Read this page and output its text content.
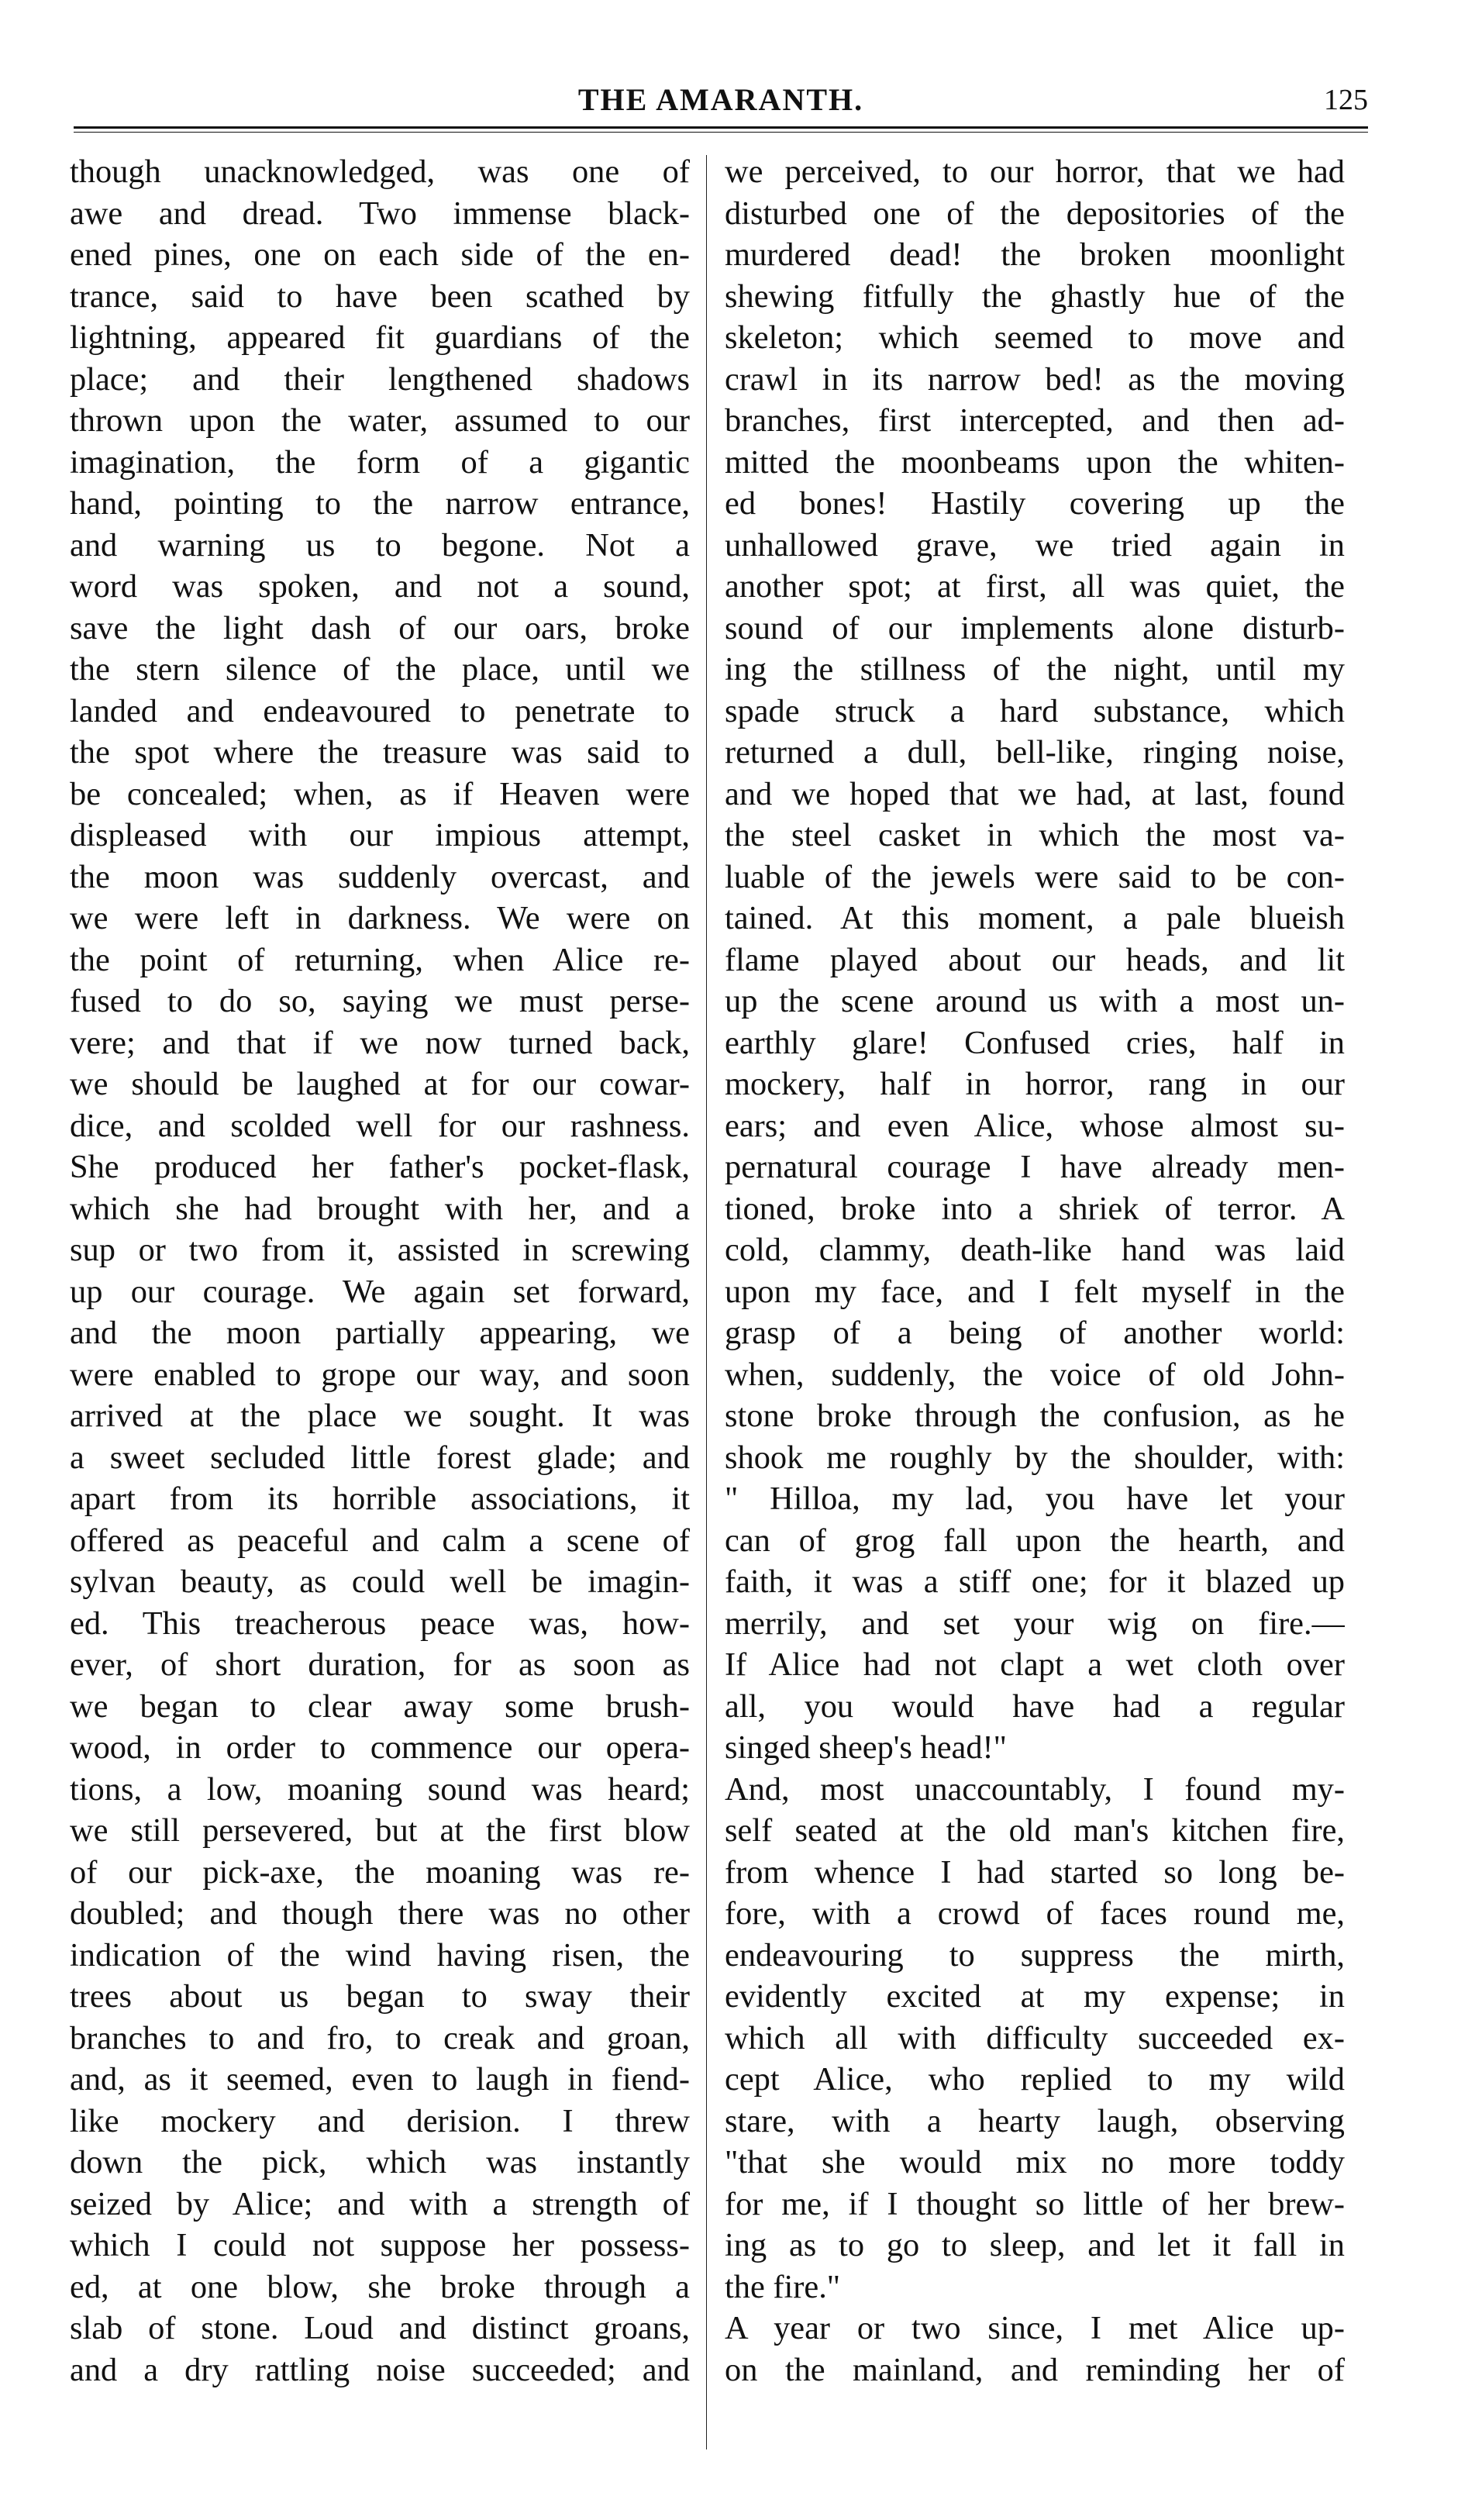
THE AMARANTH.	125
though unacknowledged, was one of
awe and dread. Two immense black-
ened pines, one on each side of the en-
trance, said to have been scathed by
lightning, appeared fit guardians of the
place; and their lengthened shadows
thrown upon the water, assumed to our
imagination, the form of a gigantic
hand, pointing to the narrow entrance,
and warning us to begone. Not a
word was spoken, and not a sound,
save the light dash of our oars, broke
the stern silence of the place, until we
landed and endeavoured to penetrate to
the spot where the treasure was said to
be concealed; when, as if Heaven were
displeased with our impious attempt,
the moon was suddenly overcast, and
we were left in darkness. We were on
the point of returning, when Alice re-
fused to do so, saying we must perse-
vere; and that if we now turned back,
we should be laughed at for our cowar-
dice, and scolded well for our rashness.
She produced her father's pocket-flask,
which she had brought with her, and a
sup or two from it, assisted in screwing
up our courage. We again set forward,
and the moon partially appearing, we
were enabled to grope our way, and soon
arrived at the place we sought. It was
a sweet secluded little forest glade; and
apart from its horrible associations, it
offered as peaceful and calm a scene of
sylvan beauty, as could well be imagin-
ed. This treacherous peace was, how-
ever, of short duration, for as soon as
we began to clear away some brush-
wood, in order to commence our opera-
tions, a low, moaning sound was heard;
we still persevered, but at the first blow
of our pick-axe, the moaning was re-
doubled; and though there was no other
indication of the wind having risen, the
trees about us began to sway their
branches to and fro, to creak and groan,
and, as it seemed, even to laugh in fiend-
like mockery and derision. I threw
down the pick, which was instantly
seized by Alice; and with a strength of
which I could not suppose her possess-
ed, at one blow, she broke through a
slab of stone. Loud and distinct groans,
and a dry rattling noise succeeded; and
we perceived, to our horror, that we had
disturbed one of the depositories of the
murdered dead! the broken moonlight
shewing fitfully the ghastly hue of the
skeleton; which seemed to move and
crawl in its narrow bed! as the moving
branches, first intercepted, and then ad-
mitted the moonbeams upon the whiten-
ed bones! Hastily covering up the
unhallowed grave, we tried again in
another spot; at first, all was quiet, the
sound of our implements alone disturb-
ing the stillness of the night, until my
spade struck a hard substance, which
returned a dull, bell-like, ringing noise,
and we hoped that we had, at last, found
the steel casket in which the most va-
luable of the jewels were said to be con-
tained. At this moment, a pale blueish
flame played about our heads, and lit
up the scene around us with a most un-
earthly glare! Confused cries, half in
mockery, half in horror, rang in our
ears; and even Alice, whose almost su-
pernatural courage I have already men-
tioned, broke into a shriek of terror. A
cold, clammy, death-like hand was laid
upon my face, and I felt myself in the
grasp of a being of another world:
when, suddenly, the voice of old John-
stone broke through the confusion, as he
shook me roughly by the shoulder, with:
" Hilloa, my lad, you have let your
can of grog fall upon the hearth, and
faith, it was a stiff one; for it blazed up
merrily, and set your wig on fire.—
If Alice had not clapt a wet cloth over
all, you would have had a regular
singed sheep's head!"
And, most unaccountably, I found my-
self seated at the old man's kitchen fire,
from whence I had started so long be-
fore, with a crowd of faces round me,
endeavouring to suppress the mirth,
evidently excited at my expense; in
which all with difficulty succeeded ex-
cept Alice, who replied to my wild
stare, with a hearty laugh, observing
"that she would mix no more toddy
for me, if I thought so little of her brew-
ing as to go to sleep, and let it fall in
the fire."
A year or two since, I met Alice up-
on the mainland, and reminding her of
